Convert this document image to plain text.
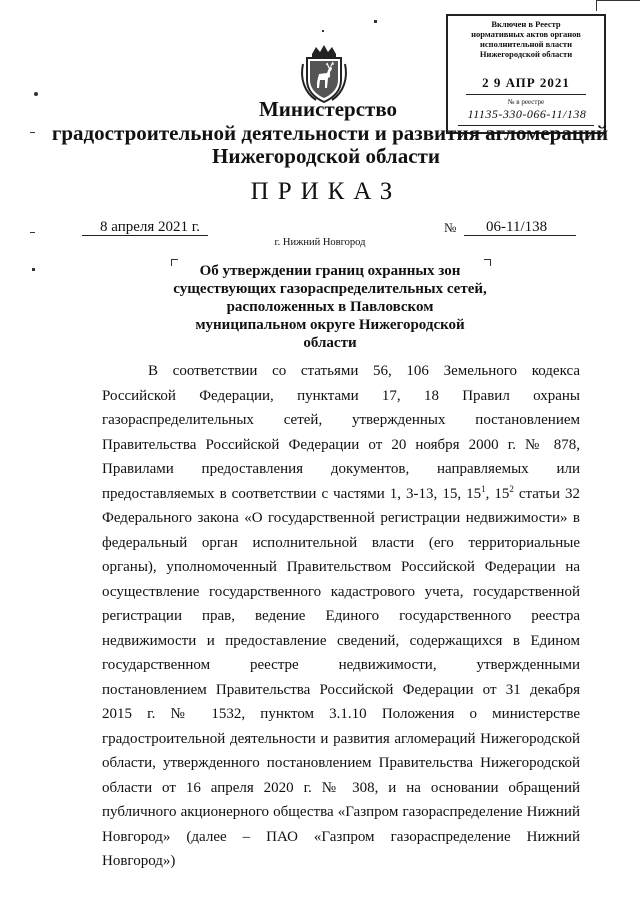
Включен в Реестр
нормативных актов органов
исполнительной власти
Нижегородской области
2 9 АПР 2021
№ в реестре
11135-330-066-11/138
Министерство
градостроительной деятельности и развития агломераций
Нижегородской области
ПРИКАЗ
8 апреля 2021 г.	№ 06-11/138
г. Нижний Новгород
Об утверждении границ охранных зон
существующих газораспределительных сетей,
расположенных в Павловском
муниципальном округе Нижегородской
области
В соответствии со статьями 56, 106 Земельного кодекса Российской Федерации, пунктами 17, 18 Правил охраны газораспределительных сетей, утвержденных постановлением Правительства Российской Федерации от 20 ноября 2000 г. № 878, Правилами предоставления документов, направляемых или предоставляемых в соответствии с частями 1, 3-13, 15, $15^1$, $15^2$ статьи 32 Федерального закона «О государственной регистрации недвижимости» в федеральный орган исполнительной власти (его территориальные органы), уполномоченный Правительством Российской Федерации на осуществление государственного кадастрового учета, государственной регистрации прав, ведение Единого государственного реестра недвижимости и предоставление сведений, содержащихся в Едином государственном реестре недвижимости, утвержденными постановлением Правительства Российской Федерации от 31 декабря 2015 г. № 1532, пунктом 3.1.10 Положения о министерстве градостроительной деятельности и развития агломераций Нижегородской области, утвержденного постановлением Правительства Нижегородской области от 16 апреля 2020 г. № 308, и на основании обращений публичного акционерного общества «Газпром газораспределение Нижний Новгород» (далее – ПАО «Газпром газораспределение Нижний Новгород»)
